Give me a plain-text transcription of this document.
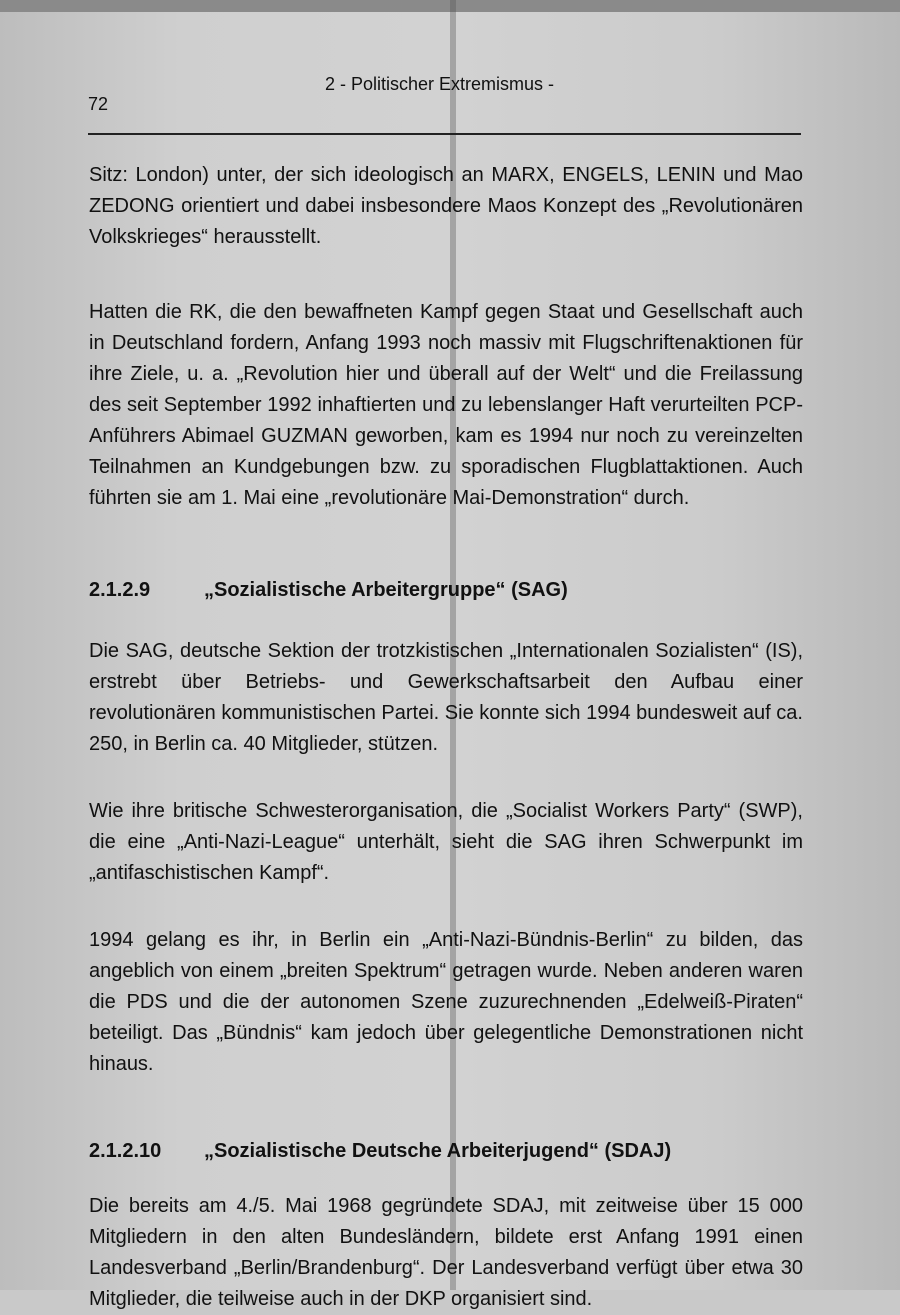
72
2 - Politischer Extremismus -

Sitz: London) unter, der sich ideologisch an MARX, ENGELS, LENIN und Mao ZEDONG orientiert und dabei insbesondere Maos Konzept des „Revolutionären Volkskrieges“ herausstellt.

Hatten die RK, die den bewaffneten Kampf gegen Staat und Gesellschaft auch in Deutschland fordern, Anfang 1993 noch massiv mit Flugschriftenaktionen für ihre Ziele, u. a. „Revolution hier und überall auf der Welt“ und die Freilassung des seit September 1992 inhaftierten und zu lebenslanger Haft verurteilten PCP-Anführers Abimael GUZMAN geworben, kam es 1994 nur noch zu vereinzelten Teilnahmen an Kundgebungen bzw. zu sporadischen Flugblattaktionen. Auch führten sie am 1. Mai eine „revolutionäre Mai-Demonstration“ durch.

2.1.2.9	„Sozialistische Arbeitergruppe“ (SAG)

Die SAG, deutsche Sektion der trotzkistischen „Internationalen Sozialisten“ (IS), erstrebt über Betriebs- und Gewerkschaftsarbeit den Aufbau einer revolutionären kommunistischen Partei. Sie konnte sich 1994 bundesweit auf ca. 250, in Berlin ca. 40 Mitglieder, stützen.

Wie ihre britische Schwesterorganisation, die „Socialist Workers Party“ (SWP), die eine „Anti-Nazi-League“ unterhält, sieht die SAG ihren Schwerpunkt im „antifaschistischen Kampf“.

1994 gelang es ihr, in Berlin ein „Anti-Nazi-Bündnis-Berlin“ zu bilden, das angeblich von einem „breiten Spektrum“ getragen wurde. Neben anderen waren die PDS und die der autonomen Szene zuzurechnenden „Edelweiß-Piraten“ beteiligt. Das „Bündnis“ kam jedoch über gelegentliche Demonstrationen nicht hinaus.

2.1.2.10	„Sozialistische Deutsche Arbeiterjugend“ (SDAJ)

Die bereits am 4./5. Mai 1968 gegründete SDAJ, mit zeitweise über 15 000 Mitgliedern in den alten Bundesländern, bildete erst Anfang 1991 einen Landesverband „Berlin/Brandenburg“. Der Landesverband verfügt über etwa 30 Mitglieder, die teilweise auch in der DKP organisiert sind.
